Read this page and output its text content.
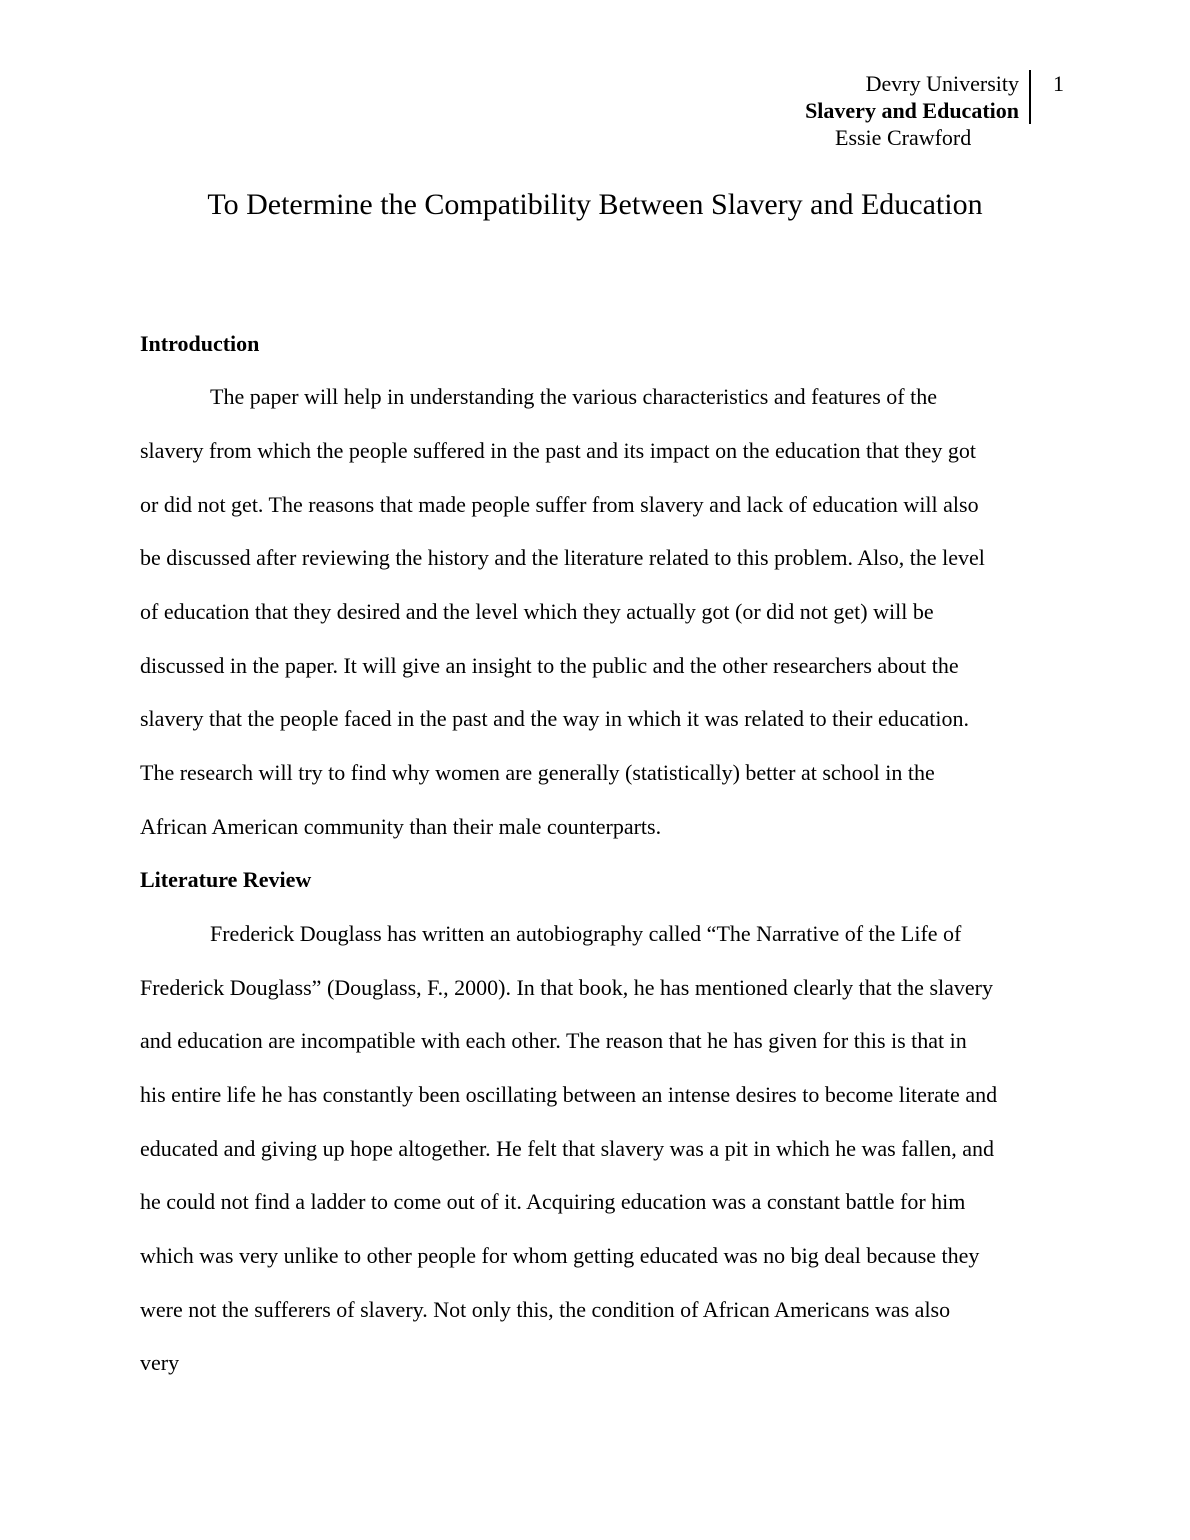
Devry University
Slavery and Education
1
Essie Crawford
To Determine the Compatibility Between Slavery and Education
Introduction
The paper will help in understanding the various characteristics and features of the
slavery from which the people suffered in the past and its impact on the education that they got
or did not get. The reasons that made people suffer from slavery and lack of education will also
be discussed after reviewing the history and the literature related to this problem. Also, the level
of education that they desired and the level which they actually got (or did not get) will be
discussed in the paper. It will give an insight to the public and the other researchers about the
slavery that the people faced in the past and the way in which it was related to their education.
The research will try to find why women are generally (statistically) better at school in the
African American community than their male counterparts.
Literature Review
Frederick Douglass has written an autobiography called “The Narrative of the Life of
Frederick Douglass” (Douglass, F., 2000). In that book, he has mentioned clearly that the slavery
and education are incompatible with each other. The reason that he has given for this is that in
his entire life he has constantly been oscillating between an intense desires to become literate and
educated and giving up hope altogether. He felt that slavery was a pit in which he was fallen, and
he could not find a ladder to come out of it. Acquiring education was a constant battle for him
which was very unlike to other people for whom getting educated was no big deal because they
were not the sufferers of slavery. Not only this, the condition of African Americans was also
very
